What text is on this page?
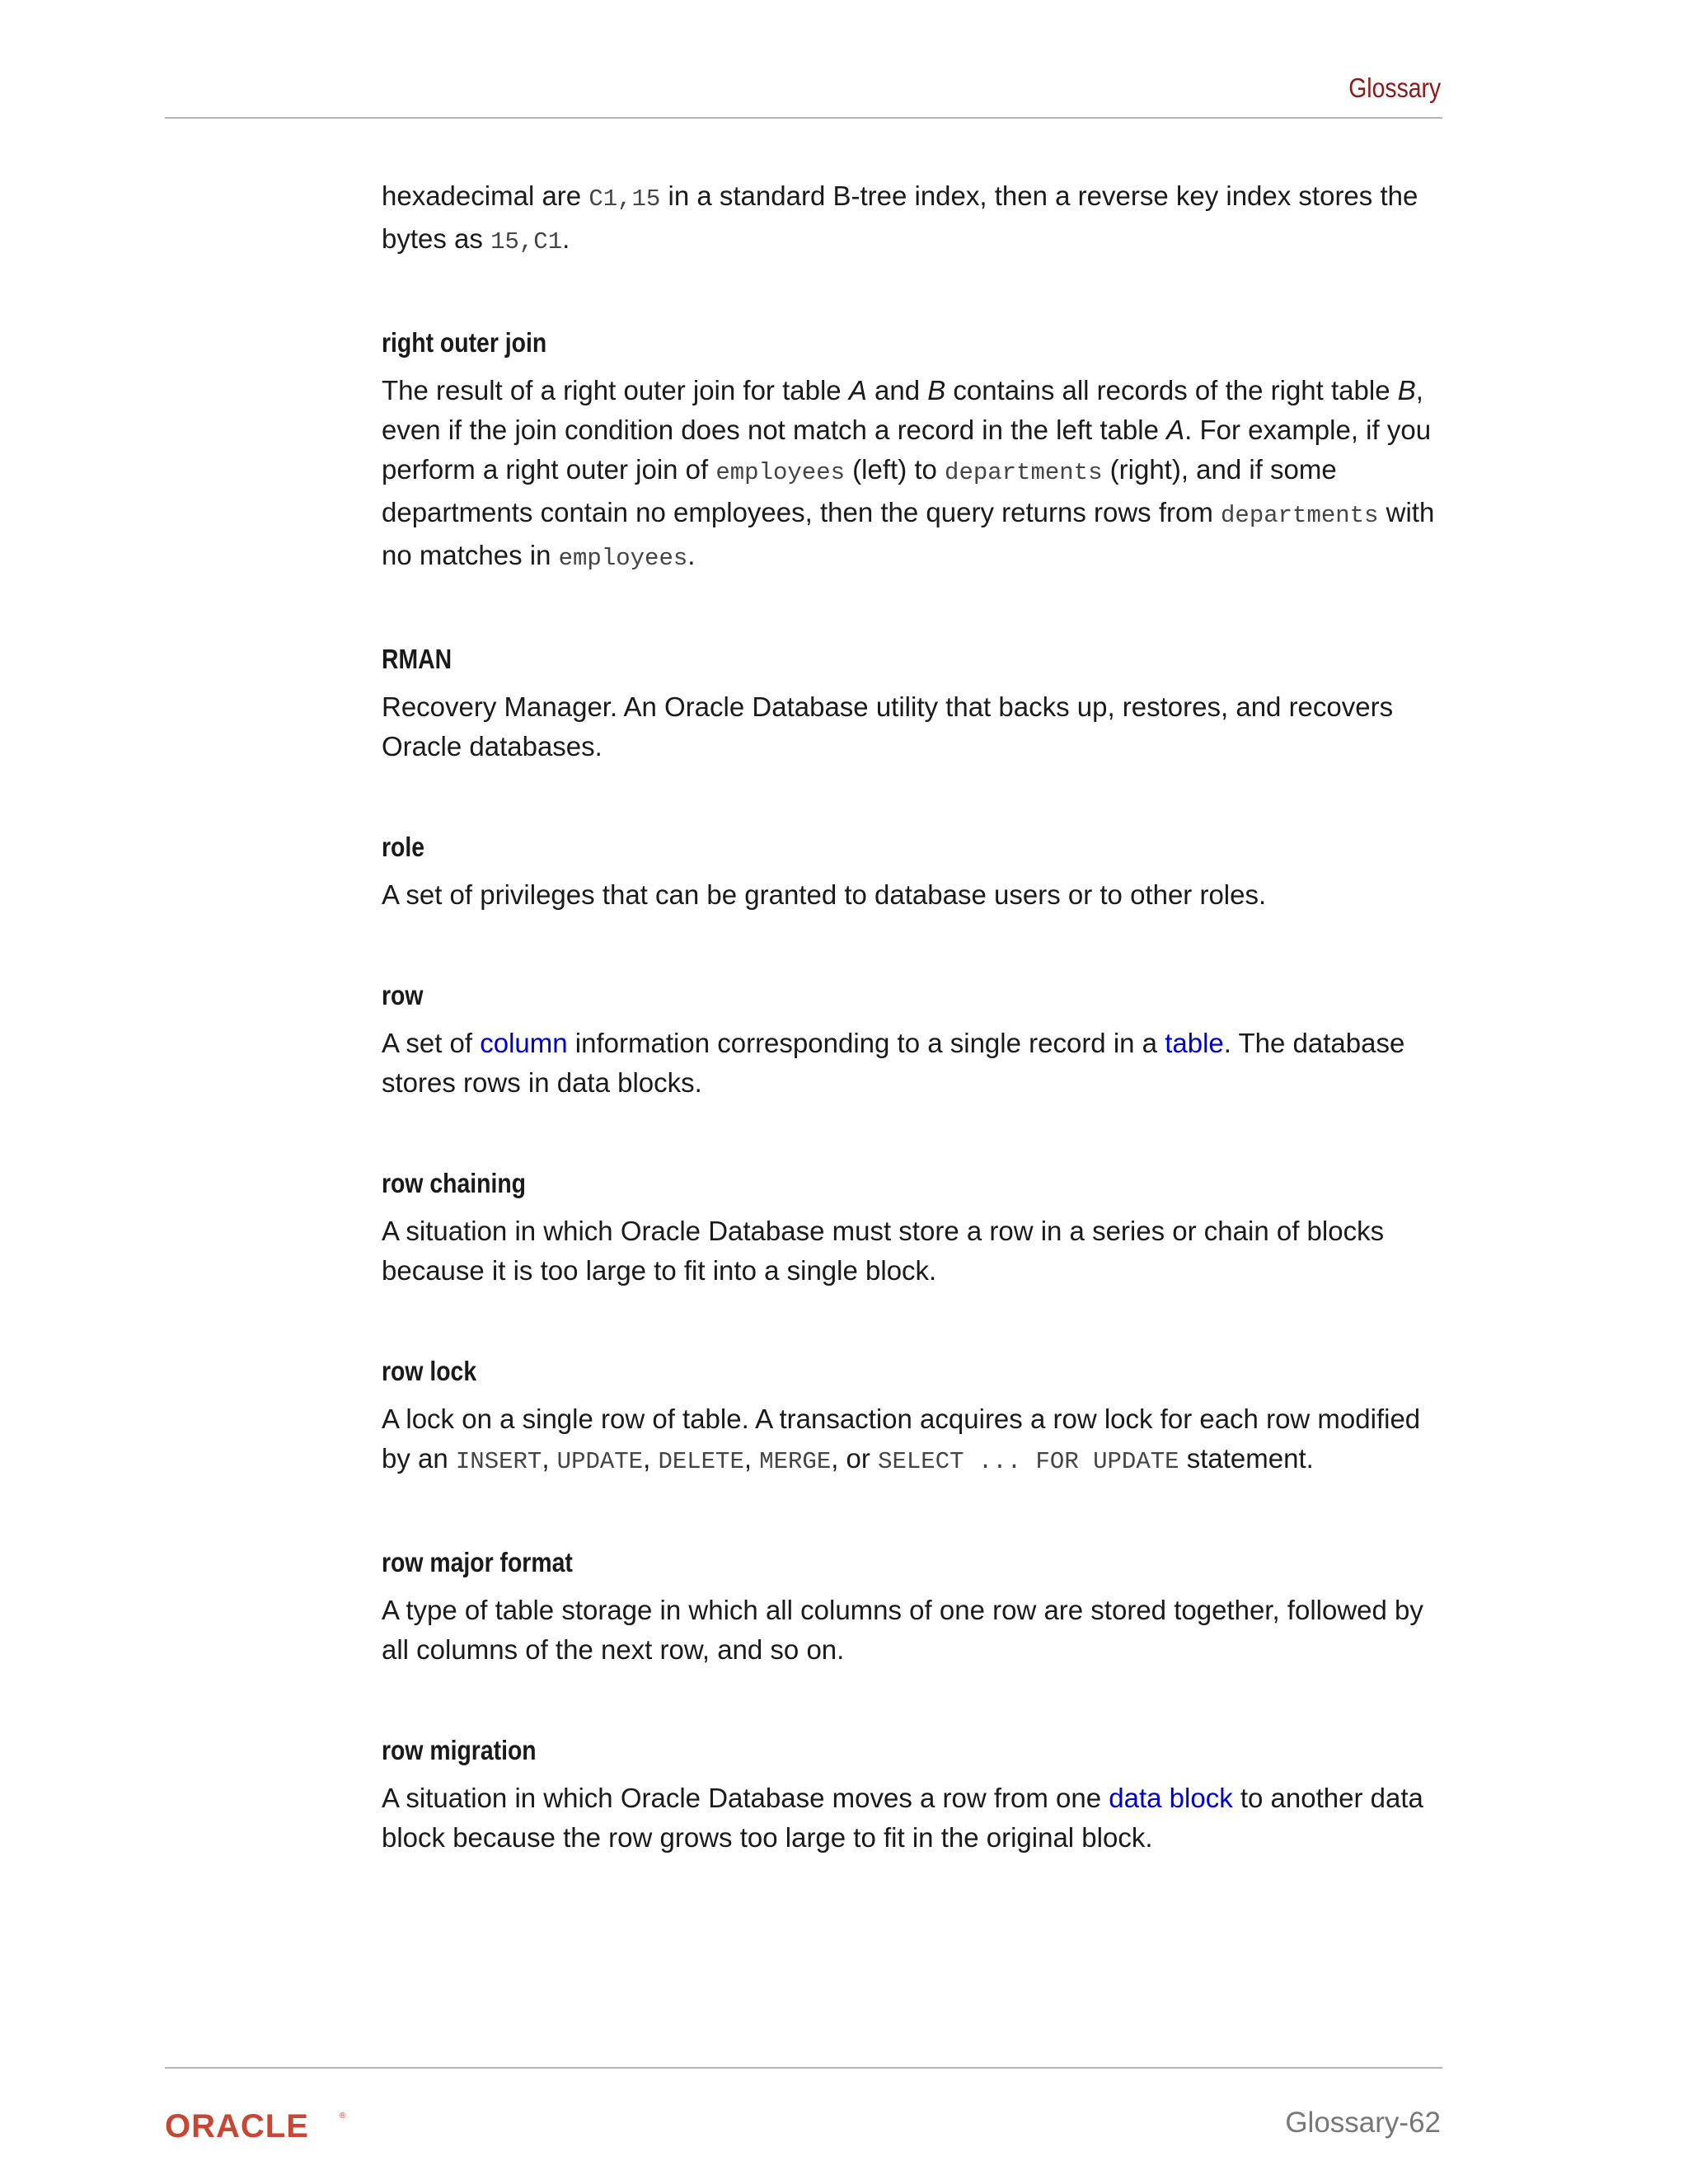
Glossary

hexadecimal are C1,15 in a standard B-tree index, then a reverse key index stores the bytes as 15,C1.

right outer join

The result of a right outer join for table A and B contains all records of the right table B, even if the join condition does not match a record in the left table A. For example, if you perform a right outer join of employees (left) to departments (right), and if some departments contain no employees, then the query returns rows from departments with no matches in employees.

RMAN

Recovery Manager. An Oracle Database utility that backs up, restores, and recovers Oracle databases.

role

A set of privileges that can be granted to database users or to other roles.

row

A set of column information corresponding to a single record in a table. The database stores rows in data blocks.

row chaining

A situation in which Oracle Database must store a row in a series or chain of blocks because it is too large to fit into a single block.

row lock

A lock on a single row of table. A transaction acquires a row lock for each row modified by an INSERT, UPDATE, DELETE, MERGE, or SELECT ... FOR UPDATE statement.

row major format

A type of table storage in which all columns of one row are stored together, followed by all columns of the next row, and so on.

row migration

A situation in which Oracle Database moves a row from one data block to another data block because the row grows too large to fit in the original block.

ORACLE	®	Glossary-62
